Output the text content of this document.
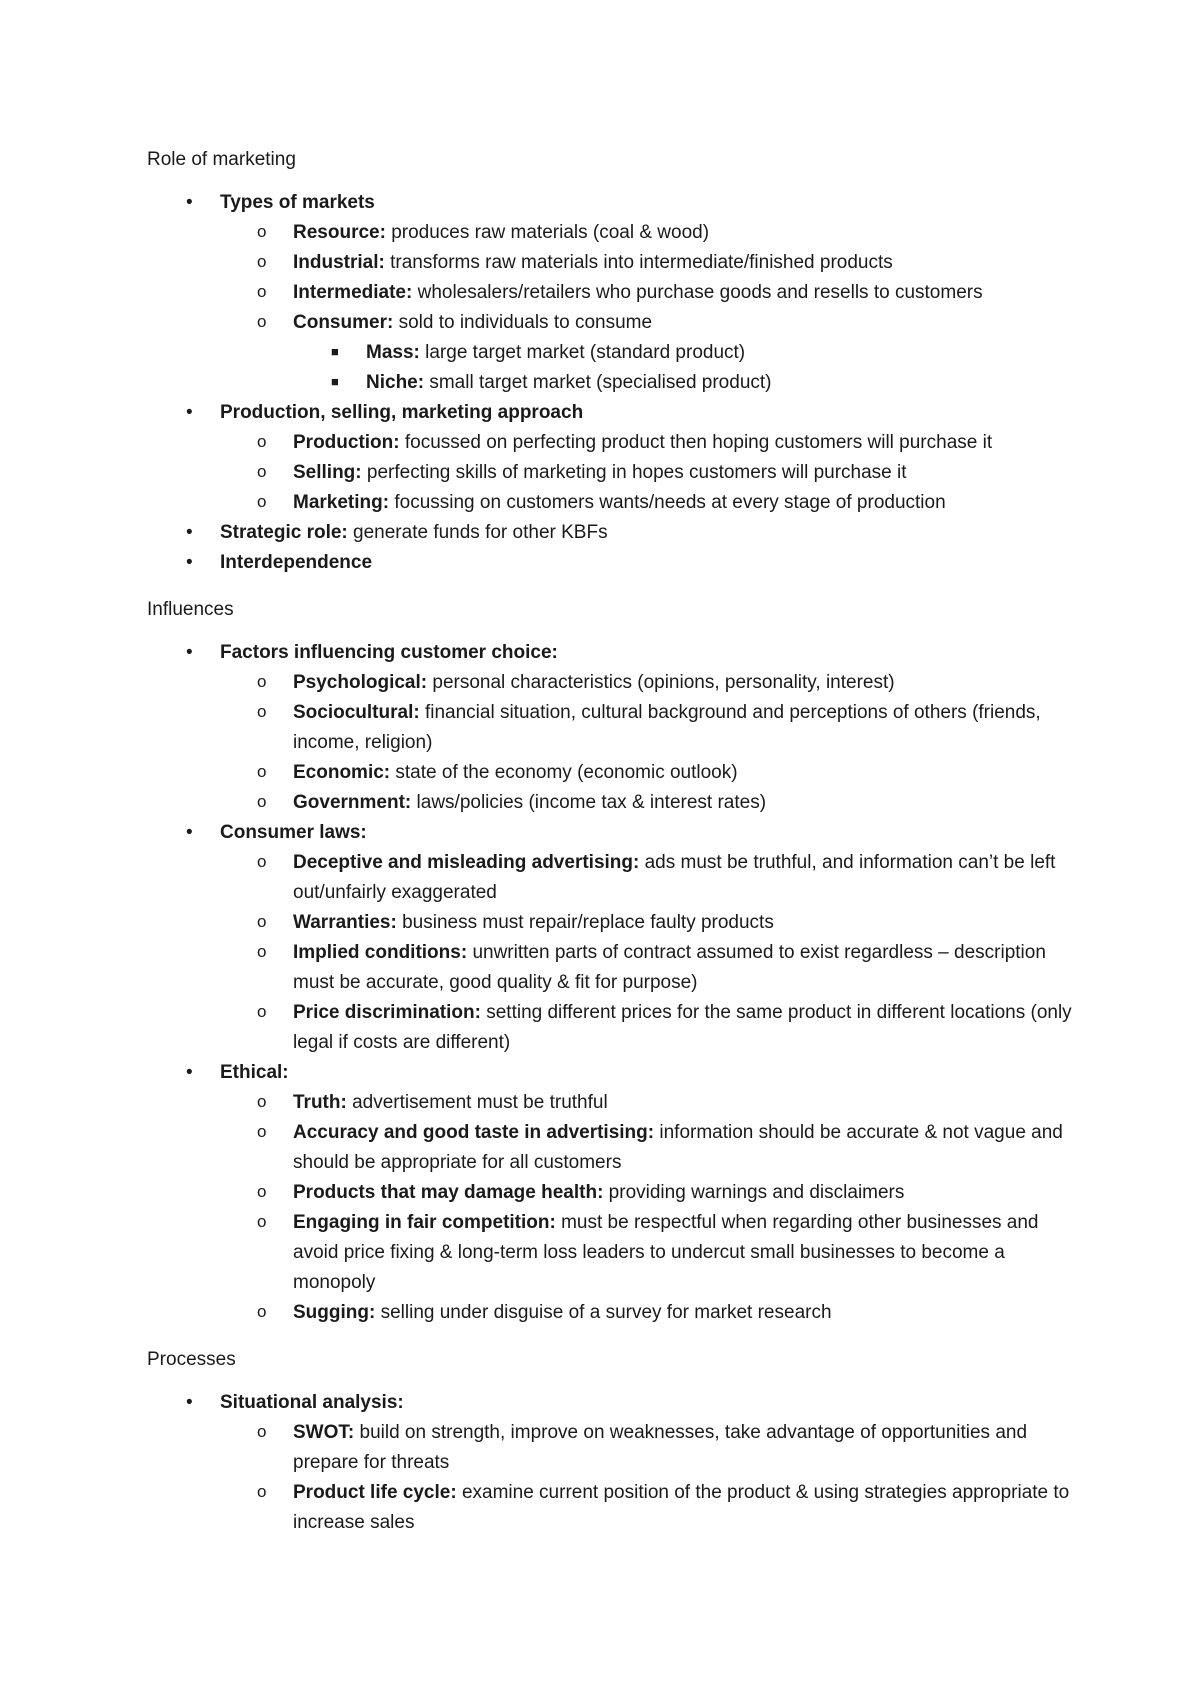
Role of marketing

• Types of markets
o Resource: produces raw materials (coal & wood)
o Industrial: transforms raw materials into intermediate/finished products
o Intermediate: wholesalers/retailers who purchase goods and resells to customers
o Consumer: sold to individuals to consume
■ Mass: large target market (standard product)
■ Niche: small target market (specialised product)
• Production, selling, marketing approach
o Production: focussed on perfecting product then hoping customers will purchase it
o Selling: perfecting skills of marketing in hopes customers will purchase it
o Marketing: focussing on customers wants/needs at every stage of production
• Strategic role: generate funds for other KBFs
• Interdependence

Influences

• Factors influencing customer choice:
o Psychological: personal characteristics (opinions, personality, interest)
o Sociocultural: financial situation, cultural background and perceptions of others (friends, income, religion)
o Economic: state of the economy (economic outlook)
o Government: laws/policies (income tax & interest rates)
• Consumer laws:
o Deceptive and misleading advertising: ads must be truthful, and information can’t be left out/unfairly exaggerated
o Warranties: business must repair/replace faulty products
o Implied conditions: unwritten parts of contract assumed to exist regardless – description must be accurate, good quality & fit for purpose)
o Price discrimination: setting different prices for the same product in different locations (only legal if costs are different)
• Ethical:
o Truth: advertisement must be truthful
o Accuracy and good taste in advertising: information should be accurate & not vague and should be appropriate for all customers
o Products that may damage health: providing warnings and disclaimers
o Engaging in fair competition: must be respectful when regarding other businesses and avoid price fixing & long-term loss leaders to undercut small businesses to become a monopoly
o Sugging: selling under disguise of a survey for market research

Processes

• Situational analysis:
o SWOT: build on strength, improve on weaknesses, take advantage of opportunities and prepare for threats
o Product life cycle: examine current position of the product & using strategies appropriate to increase sales
